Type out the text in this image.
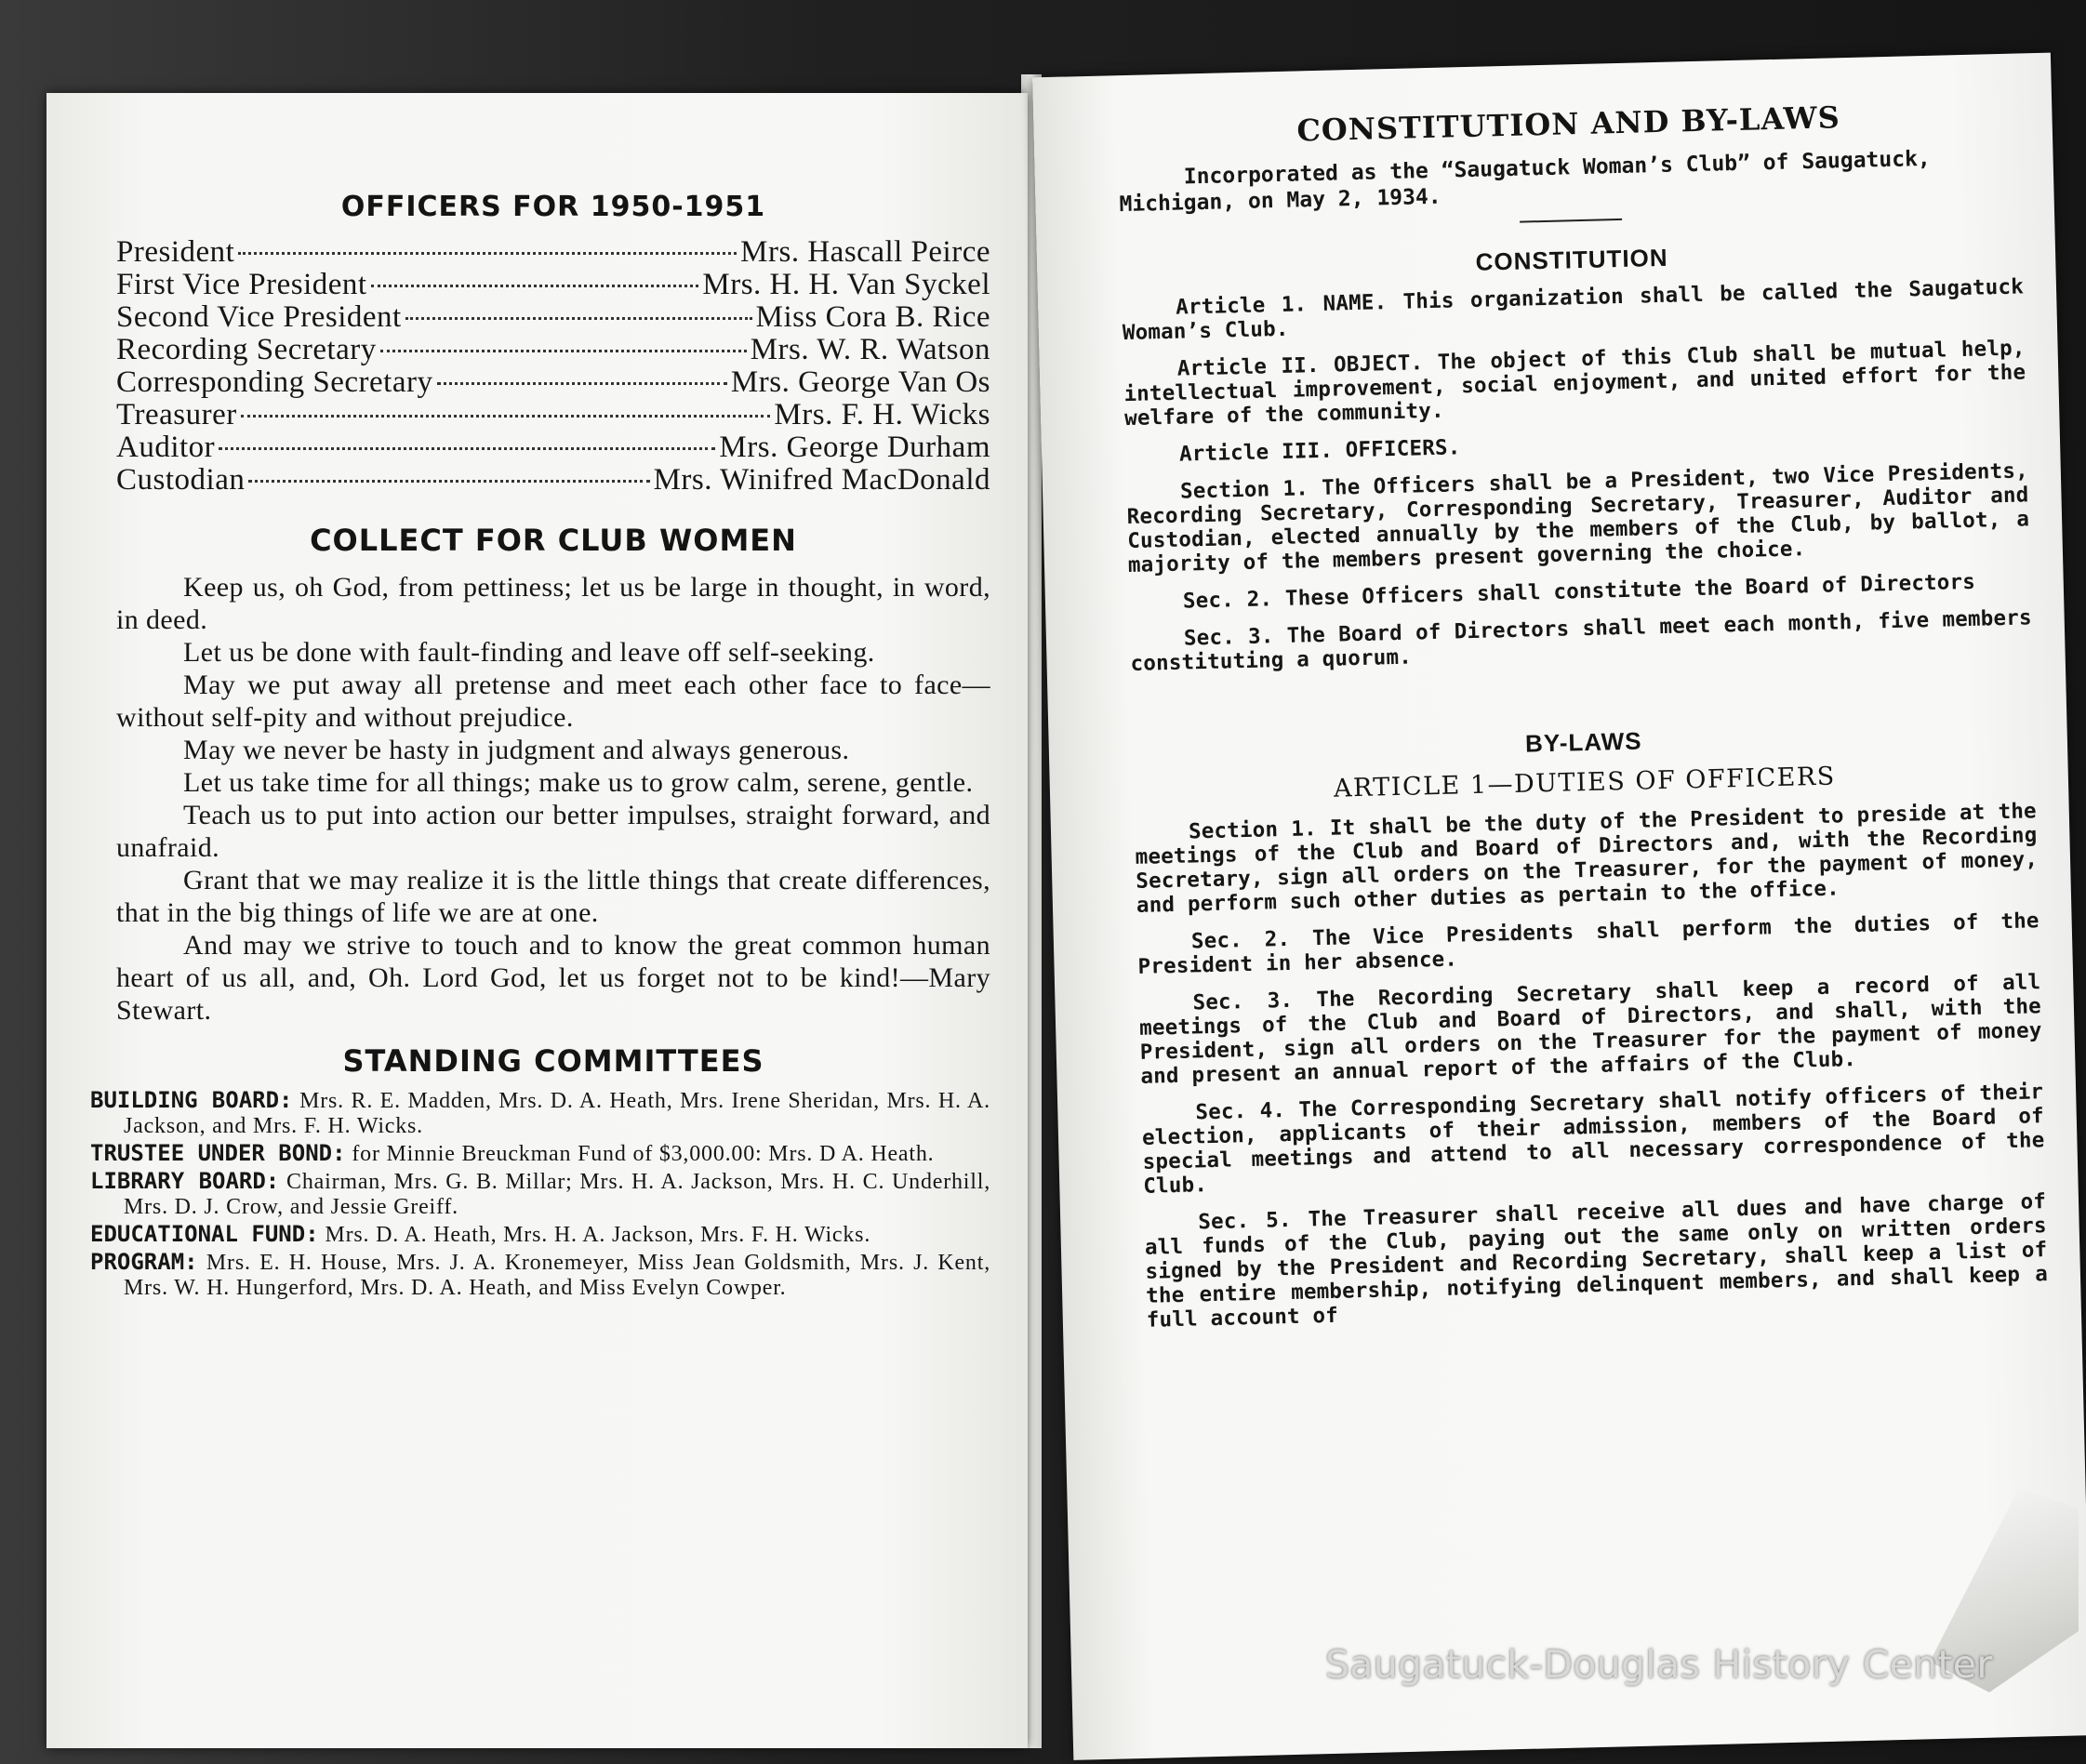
OFFICERS FOR 1950-1951
President	Mrs. Hascall Peirce
First Vice President	Mrs. H. H. Van Syckel
Second Vice President	Miss Cora B. Rice
Recording Secretary	Mrs. W. R. Watson
Corresponding Secretary	Mrs. George Van Os
Treasurer	Mrs. F. H. Wicks
Auditor	Mrs. George Durham
Custodian	Mrs. Winifred MacDonald
COLLECT FOR CLUB WOMEN

Keep us, oh God, from pettiness; let us be large in thought, in word, in deed.

Let us be done with fault-finding and leave off self-seeking.

May we put away all pretense and meet each other face to face—without self-pity and without prejudice.

May we never be hasty in judgment and always generous.

Let us take time for all things; make us to grow calm, serene, gentle.

Teach us to put into action our better impulses, straight forward, and unafraid.

Grant that we may realize it is the little things that create differences, that in the big things of life we are at one.

And may we strive to touch and to know the great common human heart of us all, and, Oh. Lord God, let us forget not to be kind!—Mary Stewart.

STANDING COMMITTEES

BUILDING BOARD: Mrs. R. E. Madden, Mrs. D. A. Heath, Mrs. Irene Sheridan, Mrs. H. A. Jackson, and Mrs. F. H. Wicks.

TRUSTEE UNDER BOND: for Minnie Breuckman Fund of $3,000.00: Mrs. D A. Heath.

LIBRARY BOARD: Chairman, Mrs. G. B. Millar; Mrs. H. A. Jackson, Mrs. H. C. Underhill, Mrs. D. J. Crow, and Jessie Greiff.

EDUCATIONAL FUND: Mrs. D. A. Heath, Mrs. H. A. Jackson, Mrs. F. H. Wicks.

PROGRAM: Mrs. E. H. House, Mrs. J. A. Kronemeyer, Miss Jean Goldsmith, Mrs. J. Kent, Mrs. W. H. Hungerford, Mrs. D. A. Heath, and Miss Evelyn Cowper.

CONSTITUTION AND BY-LAWS

Incorporated as the “Saugatuck Woman’s Club” of Saugatuck, Michigan, on May 2, 1934.

CONSTITUTION

Article 1. NAME. This organization shall be called the Saugatuck Woman’s Club.

Article II. OBJECT. The object of this Club shall be mutual help, intellectual improvement, social enjoyment, and united effort for the welfare of the community.

Article III. OFFICERS.

Section 1. The Officers shall be a President, two Vice Presidents, Recording Secretary, Corresponding Secretary, Treasurer, Auditor and Custodian, elected annually by the members of the Club, by ballot, a majority of the members present governing the choice.

Sec. 2. These Officers shall constitute the Board of Directors

Sec. 3. The Board of Directors shall meet each month, five members constituting a quorum.

BY-LAWS
ARTICLE 1—DUTIES OF OFFICERS

Section 1. It shall be the duty of the President to preside at the meetings of the Club and Board of Directors and, with the Recording Secretary, sign all orders on the Treasurer, for the payment of money, and perform such other duties as pertain to the office.

Sec. 2. The Vice Presidents shall perform the duties of the President in her absence.

Sec. 3. The Recording Secretary shall keep a record of all meetings of the Club and Board of Directors, and shall, with the President, sign all orders on the Treasurer for the payment of money and present an annual report of the affairs of the Club.

Sec. 4. The Corresponding Secretary shall notify officers of their election, applicants of their admission, members of the Board of special meetings and attend to all necessary correspondence of the Club.

Sec. 5. The Treasurer shall receive all dues and have charge of all funds of the Club, paying out the same only on written orders signed by the President and Recording Secretary, shall keep a list of the entire membership, notifying delinquent members, and shall keep a full account of

Saugatuck-Douglas History Center
